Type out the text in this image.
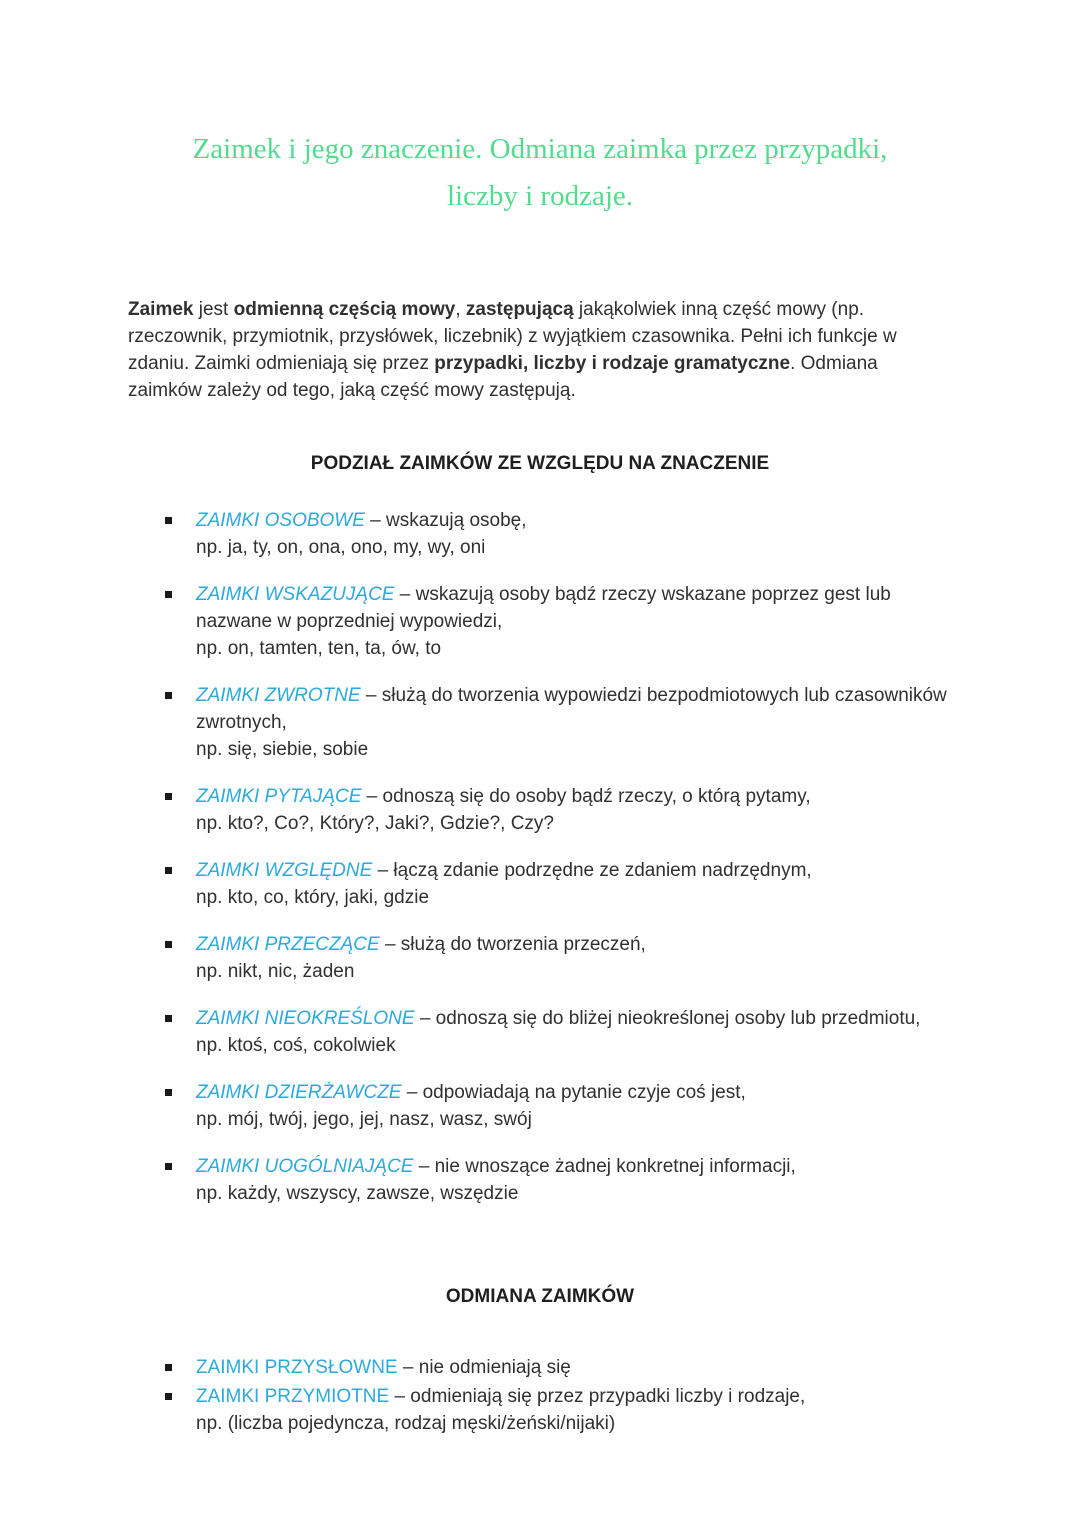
Zaimek i jego znaczenie. Odmiana zaimka przez przypadki,
liczby i rodzaje.

Zaimek jest odmienną częścią mowy, zastępującą jakąkolwiek inną część mowy (np. rzeczownik, przymiotnik, przysłówek, liczebnik) z wyjątkiem czasownika. Pełni ich funkcje w zdaniu. Zaimki odmieniają się przez przypadki, liczby i rodzaje gramatyczne. Odmiana zaimków zależy od tego, jaką część mowy zastępują.

PODZIAŁ ZAIMKÓW ZE WZGLĘDU NA ZNACZENIE
ZAIMKI OSOBOWE – wskazują osobę,
np. ja, ty, on, ona, ono, my, wy, oni
ZAIMKI WSKAZUJĄCE – wskazują osoby bądź rzeczy wskazane poprzez gest lub nazwane w poprzedniej wypowiedzi,
np. on, tamten, ten, ta, ów, to
ZAIMKI ZWROTNE – służą do tworzenia wypowiedzi bezpodmiotowych lub czasowników zwrotnych,
np. się, siebie, sobie
ZAIMKI PYTAJĄCE – odnoszą się do osoby bądź rzeczy, o którą pytamy,
np. kto?, Co?, Który?, Jaki?, Gdzie?, Czy?
ZAIMKI WZGLĘDNE – łączą zdanie podrzędne ze zdaniem nadrzędnym,
np. kto, co, który, jaki, gdzie
ZAIMKI PRZECZĄCE – służą do tworzenia przeczeń,
np. nikt, nic, żaden
ZAIMKI NIEOKREŚLONE – odnoszą się do bliżej nieokreślonej osoby lub przedmiotu,
np. ktoś, coś, cokolwiek
ZAIMKI DZIERŻAWCZE – odpowiadają na pytanie czyje coś jest,
np. mój, twój, jego, jej, nasz, wasz, swój
ZAIMKI UOGÓLNIAJĄCE – nie wnoszące żadnej konkretnej informacji,
np. każdy, wszyscy, zawsze, wszędzie
ODMIANA ZAIMKÓW
ZAIMKI PRZYSŁOWNE – nie odmieniają się
ZAIMKI PRZYMIOTNE – odmieniają się przez przypadki liczby i rodzaje,
np. (liczba pojedyncza, rodzaj męski/żeński/nijaki)
